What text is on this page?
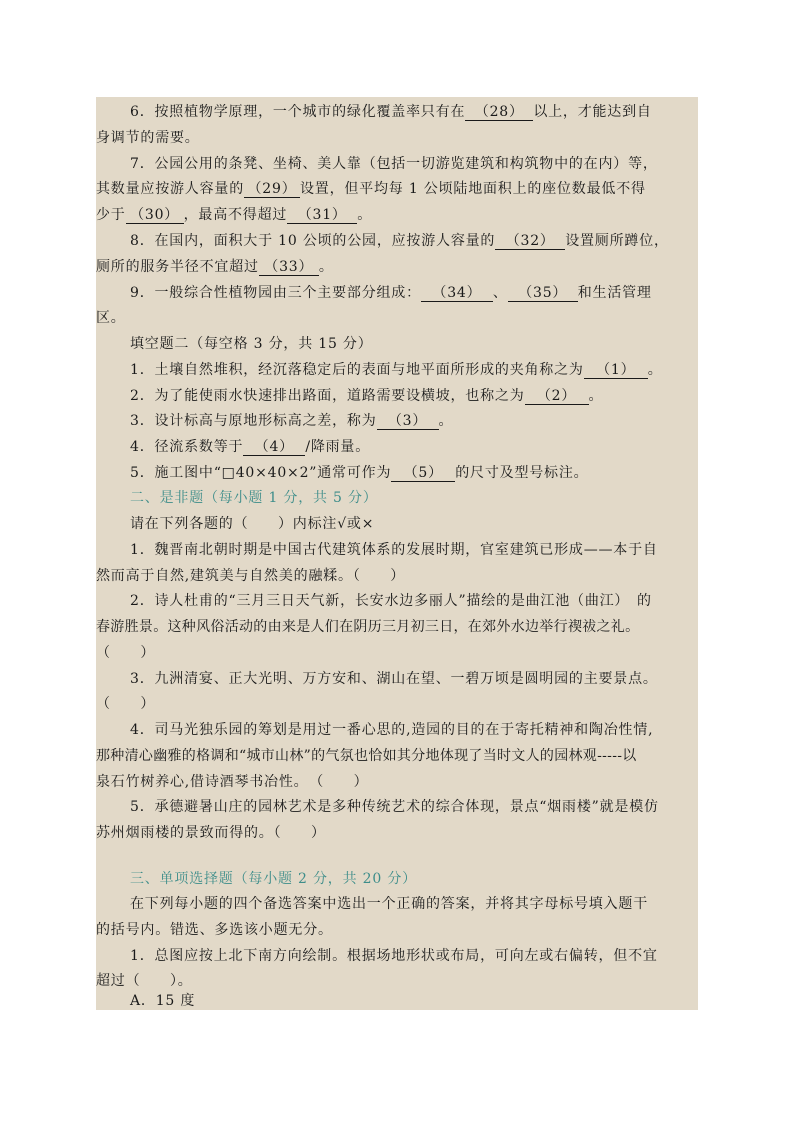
6．按照植物学原理，一个城市的绿化覆盖率只有在 （28） 以上，才能达到自
身调节的需要。
7．公园公用的条凳、坐椅、美人靠（包括一切游览建筑和构筑物中的在内）等，
其数量应按游人容量的 （29） 设置，但平均每 1 公顷陆地面积上的座位数最低不得
少于 （30） ，最高不得超过 （31） 。
8．在国内，面积大于 10 公顷的公园，应按游人容量的 （32） 设置厕所蹲位，
厕所的服务半径不宜超过 （33） 。
9．一般综合性植物园由三个主要部分组成： （34） 、 （35） 和生活管理
区。
填空题二（每空格 3 分，共 15 分）
1．土壤自然堆积，经沉落稳定后的表面与地平面所形成的夹角称之为 （1） 。
2．为了能使雨水快速排出路面，道路需要设横坡，也称之为 （2） 。
3．设计标高与原地形标高之差，称为 （3） 。
4．径流系数等于 （4） /降雨量。
5．施工图中“□40×40×2”通常可作为 （5） 的尺寸及型号标注。
二、是非题（每小题 1 分，共 5 分）
请在下列各题的（　　）内标注√或×
1．魏晋南北朝时期是中国古代建筑体系的发展时期，官室建筑已形成——本于自
然而高于自然,建筑美与自然美的融糅。（　　）
2．诗人杜甫的“三月三日天气新，长安水边多丽人”描绘的是曲江池（曲江）　的
春游胜景。这种风俗活动的由来是人们在阴历三月初三日，在郊外水边举行禊祓之礼。
（　　）
3．九洲清宴、正大光明、万方安和、湖山在望、一碧万顷是圆明园的主要景点。
（　　）
4．司马光独乐园的筹划是用过一番心思的,造园的目的在于寄托精神和陶冶性情,
那种清心幽雅的格调和“城市山林”的气氛也恰如其分地体现了当时文人的园林观-----以
泉石竹树养心,借诗酒琴书冶性。　（　　）
5．承德避暑山庄的园林艺术是多种传统艺术的综合体现，景点“烟雨楼”就是模仿
苏州烟雨楼的景致而得的。（　　）
三、单项选择题（每小题 2 分，共 20 分）
在下列每小题的四个备选答案中选出一个正确的答案，并将其字母标号填入题干
的括号内。错选、多选该小题无分。
1．总图应按上北下南方向绘制。根据场地形状或布局，可向左或右偏转，但不宜
超过（　　）。
A．15 度
